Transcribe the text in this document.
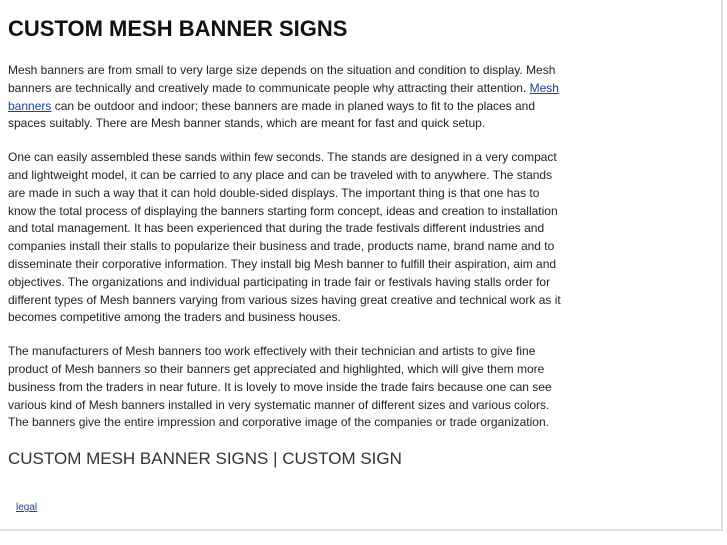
CUSTOM MESH BANNER SIGNS

Mesh banners are from small to very large size depends on the situation and condition to display. Mesh banners are technically and creatively made to communicate people why attracting their attention. Mesh banners can be outdoor and indoor; these banners are made in planed ways to fit to the places and spaces suitably. There are Mesh banner stands, which are meant for fast and quick setup.

One can easily assembled these sands within few seconds. The stands are designed in a very compact and lightweight model, it can be carried to any place and can be traveled with to anywhere. The stands are made in such a way that it can hold double-sided displays. The important thing is that one has to know the total process of displaying the banners starting form concept, ideas and creation to installation and total management. It has been experienced that during the trade festivals different industries and companies install their stalls to popularize their business and trade, products name, brand name and to disseminate their corporative information. They install big Mesh banner to fulfill their aspiration, aim and objectives. The organizations and individual participating in trade fair or festivals having stalls order for different types of Mesh banners varying from various sizes having great creative and technical work as it becomes competitive among the traders and business houses.

The manufacturers of Mesh banners too work effectively with their technician and artists to give fine product of Mesh banners so their banners get appreciated and highlighted, which will give them more business from the traders in near future. It is lovely to move inside the trade fairs because one can see various kind of Mesh banners installed in very systematic manner of different sizes and various colors. The banners give the entire impression and corporative image of the companies or trade organization.

CUSTOM MESH BANNER SIGNS | CUSTOM SIGN
legal
